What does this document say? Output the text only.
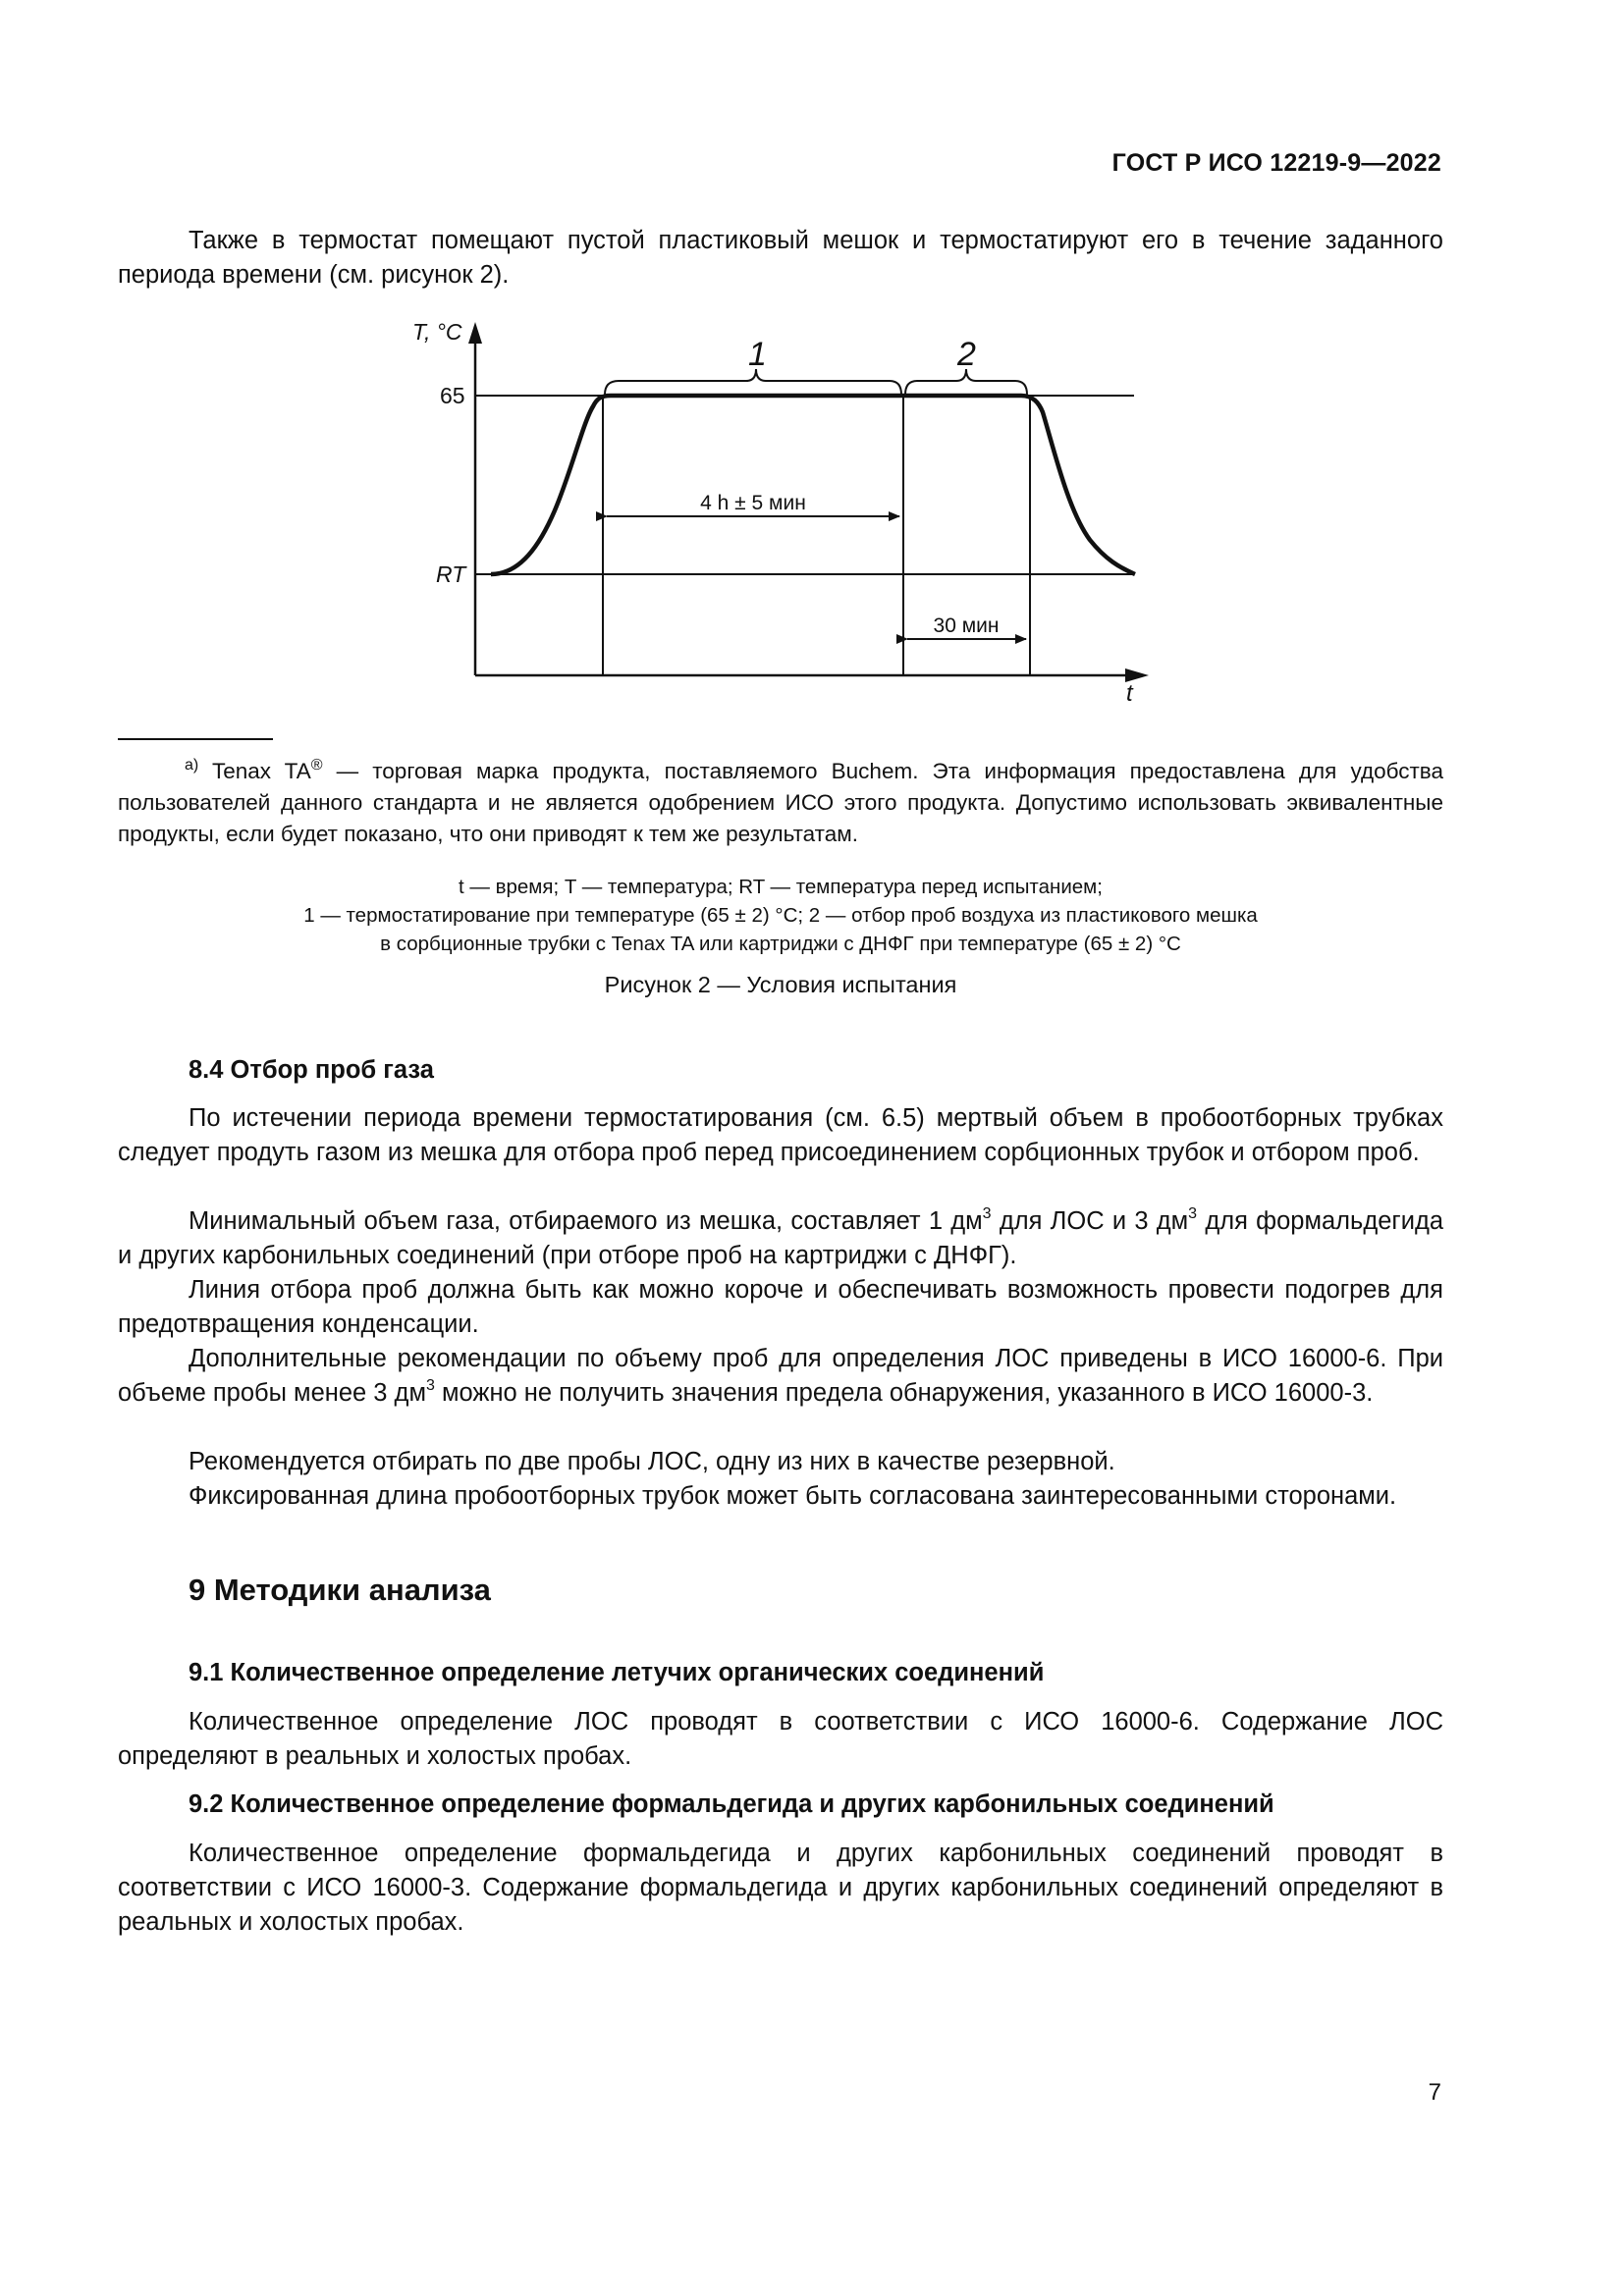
ГОСТ Р ИСО 12219-9—2022

Также в термостат помещают пустой пластиковый мешок и термостатируют его в течение заданного периода времени (см. рисунок 2).

T, °C
t
65
RT
1	2
4 h ± 5 мин
30 мин

$^{a)}$ Tenax TA® — торговая марка продукта, поставляемого Buchem. Эта информация предоставлена для удобства пользователей данного стандарта и не является одобрением ИСО этого продукта. Допустимо использовать эквивалентные продукты, если будет показано, что они приводят к тем же результатам.

t — время; T — температура; RT — температура перед испытанием;
1 — термостатирование при температуре (65 ± 2) °C; 2 — отбор проб воздуха из пластикового мешка
в сорбционные трубки с Tenax TA или картриджи с ДНФГ при температуре (65 ± 2) °C

Рисунок 2 — Условия испытания

8.4 Отбор проб газа

По истечении периода времени термостатирования (см. 6.5) мертвый объем в пробоотборных трубках следует продуть газом из мешка для отбора проб перед присоединением сорбционных трубок и отбором проб.

Минимальный объем газа, отбираемого из мешка, составляет 1 $дм^3$ для ЛОС и 3 $дм^3$ для формальдегида и других карбонильных соединений (при отборе проб на картриджи с ДНФГ).

Линия отбора проб должна быть как можно короче и обеспечивать возможность провести подогрев для предотвращения конденсации.

Дополнительные рекомендации по объему проб для определения ЛОС приведены в ИСО 16000-6. При объеме пробы менее 3 $дм^3$ можно не получить значения предела обнаружения, указанного в ИСО 16000-3.

Рекомендуется отбирать по две пробы ЛОС, одну из них в качестве резервной.

Фиксированная длина пробоотборных трубок может быть согласована заинтересованными сторонами.

9 Методики анализа
9.1 Количественное определение летучих органических соединений

Количественное определение ЛОС проводят в соответствии с ИСО 16000-6. Содержание ЛОС определяют в реальных и холостых пробах.

9.2 Количественное определение формальдегида и других карбонильных соединений

Количественное определение формальдегида и других карбонильных соединений проводят в соответствии с ИСО 16000-3. Содержание формальдегида и других карбонильных соединений определяют в реальных и холостых пробах.

7
